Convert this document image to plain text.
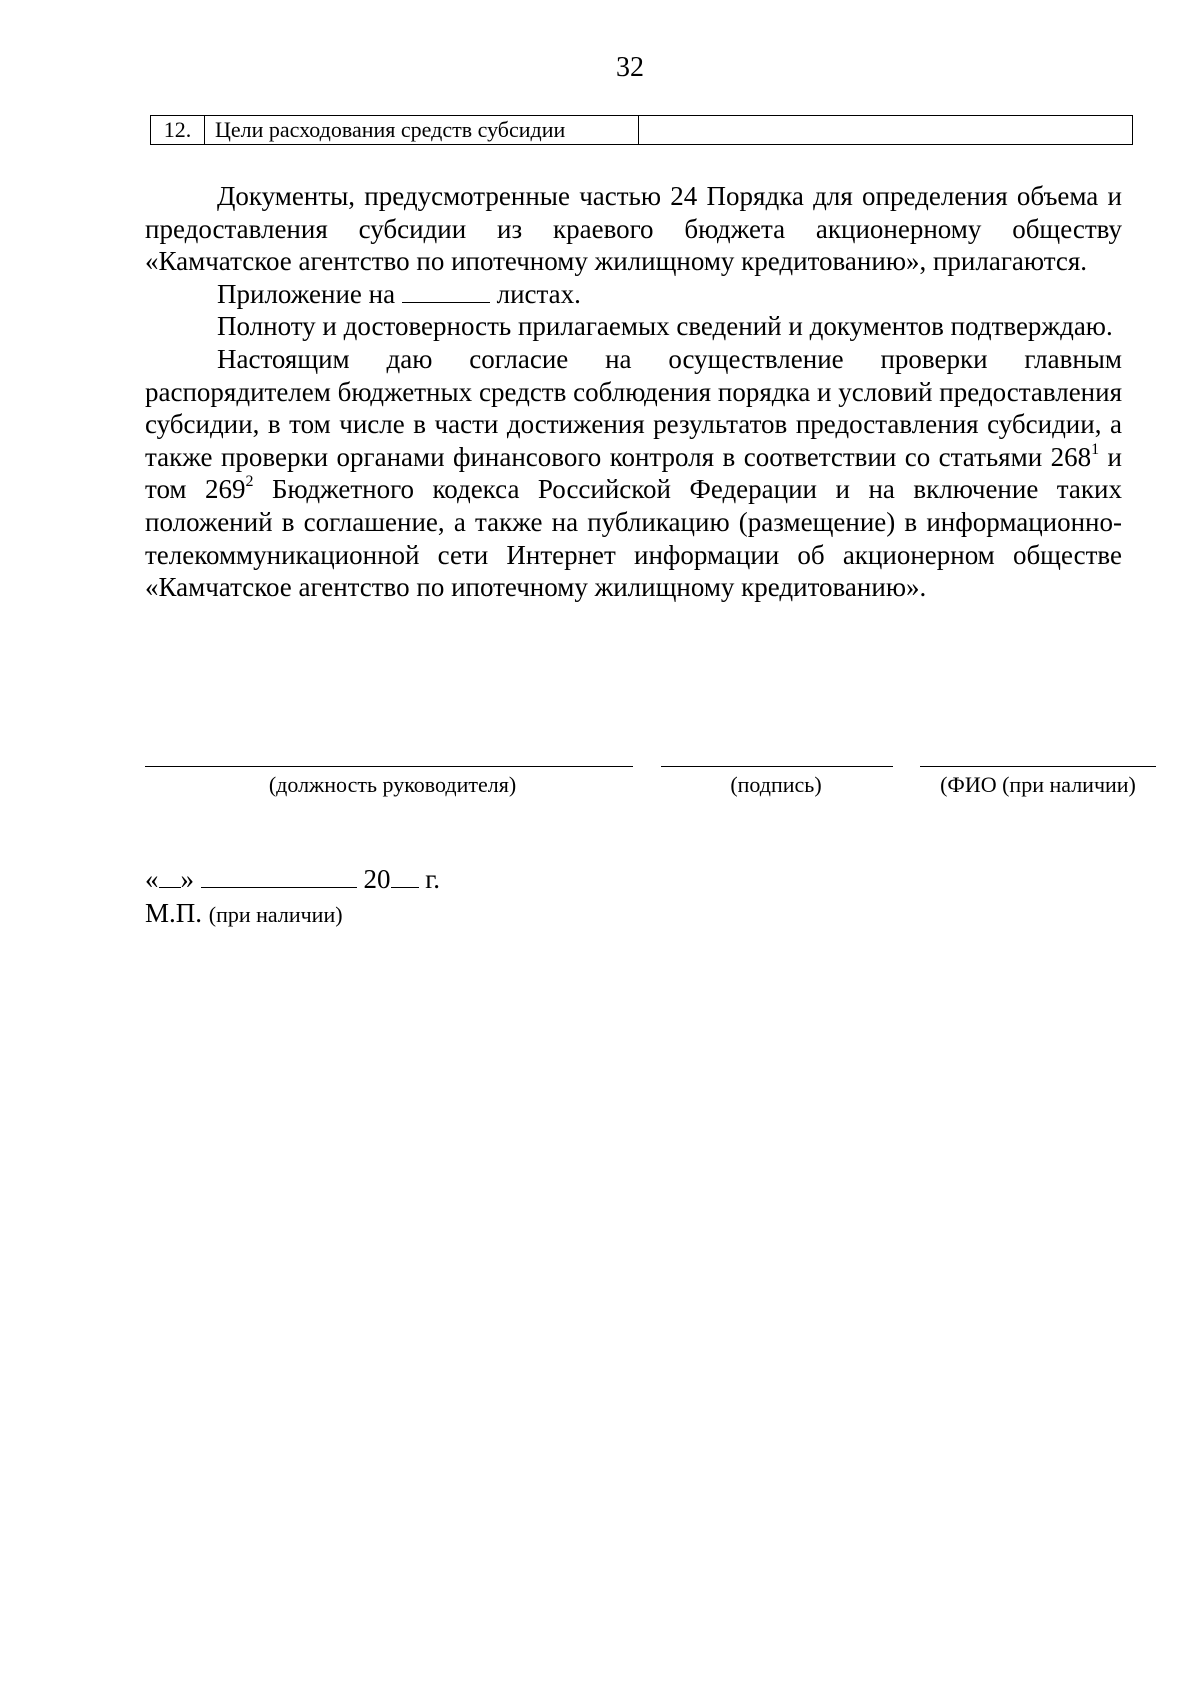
32
12.	Цели расходования средств субсидии

Документы, предусмотренные частью 24 Порядка для определения объема и предоставления субсидии из краевого бюджета акционерному обществу «Камчатское агентство по ипотечному жилищному кредитованию», прилагаются.

Приложение на	листах.

Полноту и достоверность прилагаемых сведений и документов подтверждаю.

Настоящим даю согласие на осуществление проверки главным распорядителем бюджетных средств соблюдения порядка и условий предоставления субсидии, в том числе в части достижения результатов предоставления субсидии, а также проверки органами финансового контроля в соответствии со статьями $268^1$ и том $269^2$ Бюджетного кодекса Российской Федерации и на включение таких положений в соглашение, а также на публикацию (размещение) в информационно-телекоммуникационной сети Интернет информации об акционерном обществе «Камчатское агентство по ипотечному жилищному кредитованию».

(должность руководителя)	(подпись)	(ФИО (при наличии)
« »	20 г.
М.П. (при наличии)
